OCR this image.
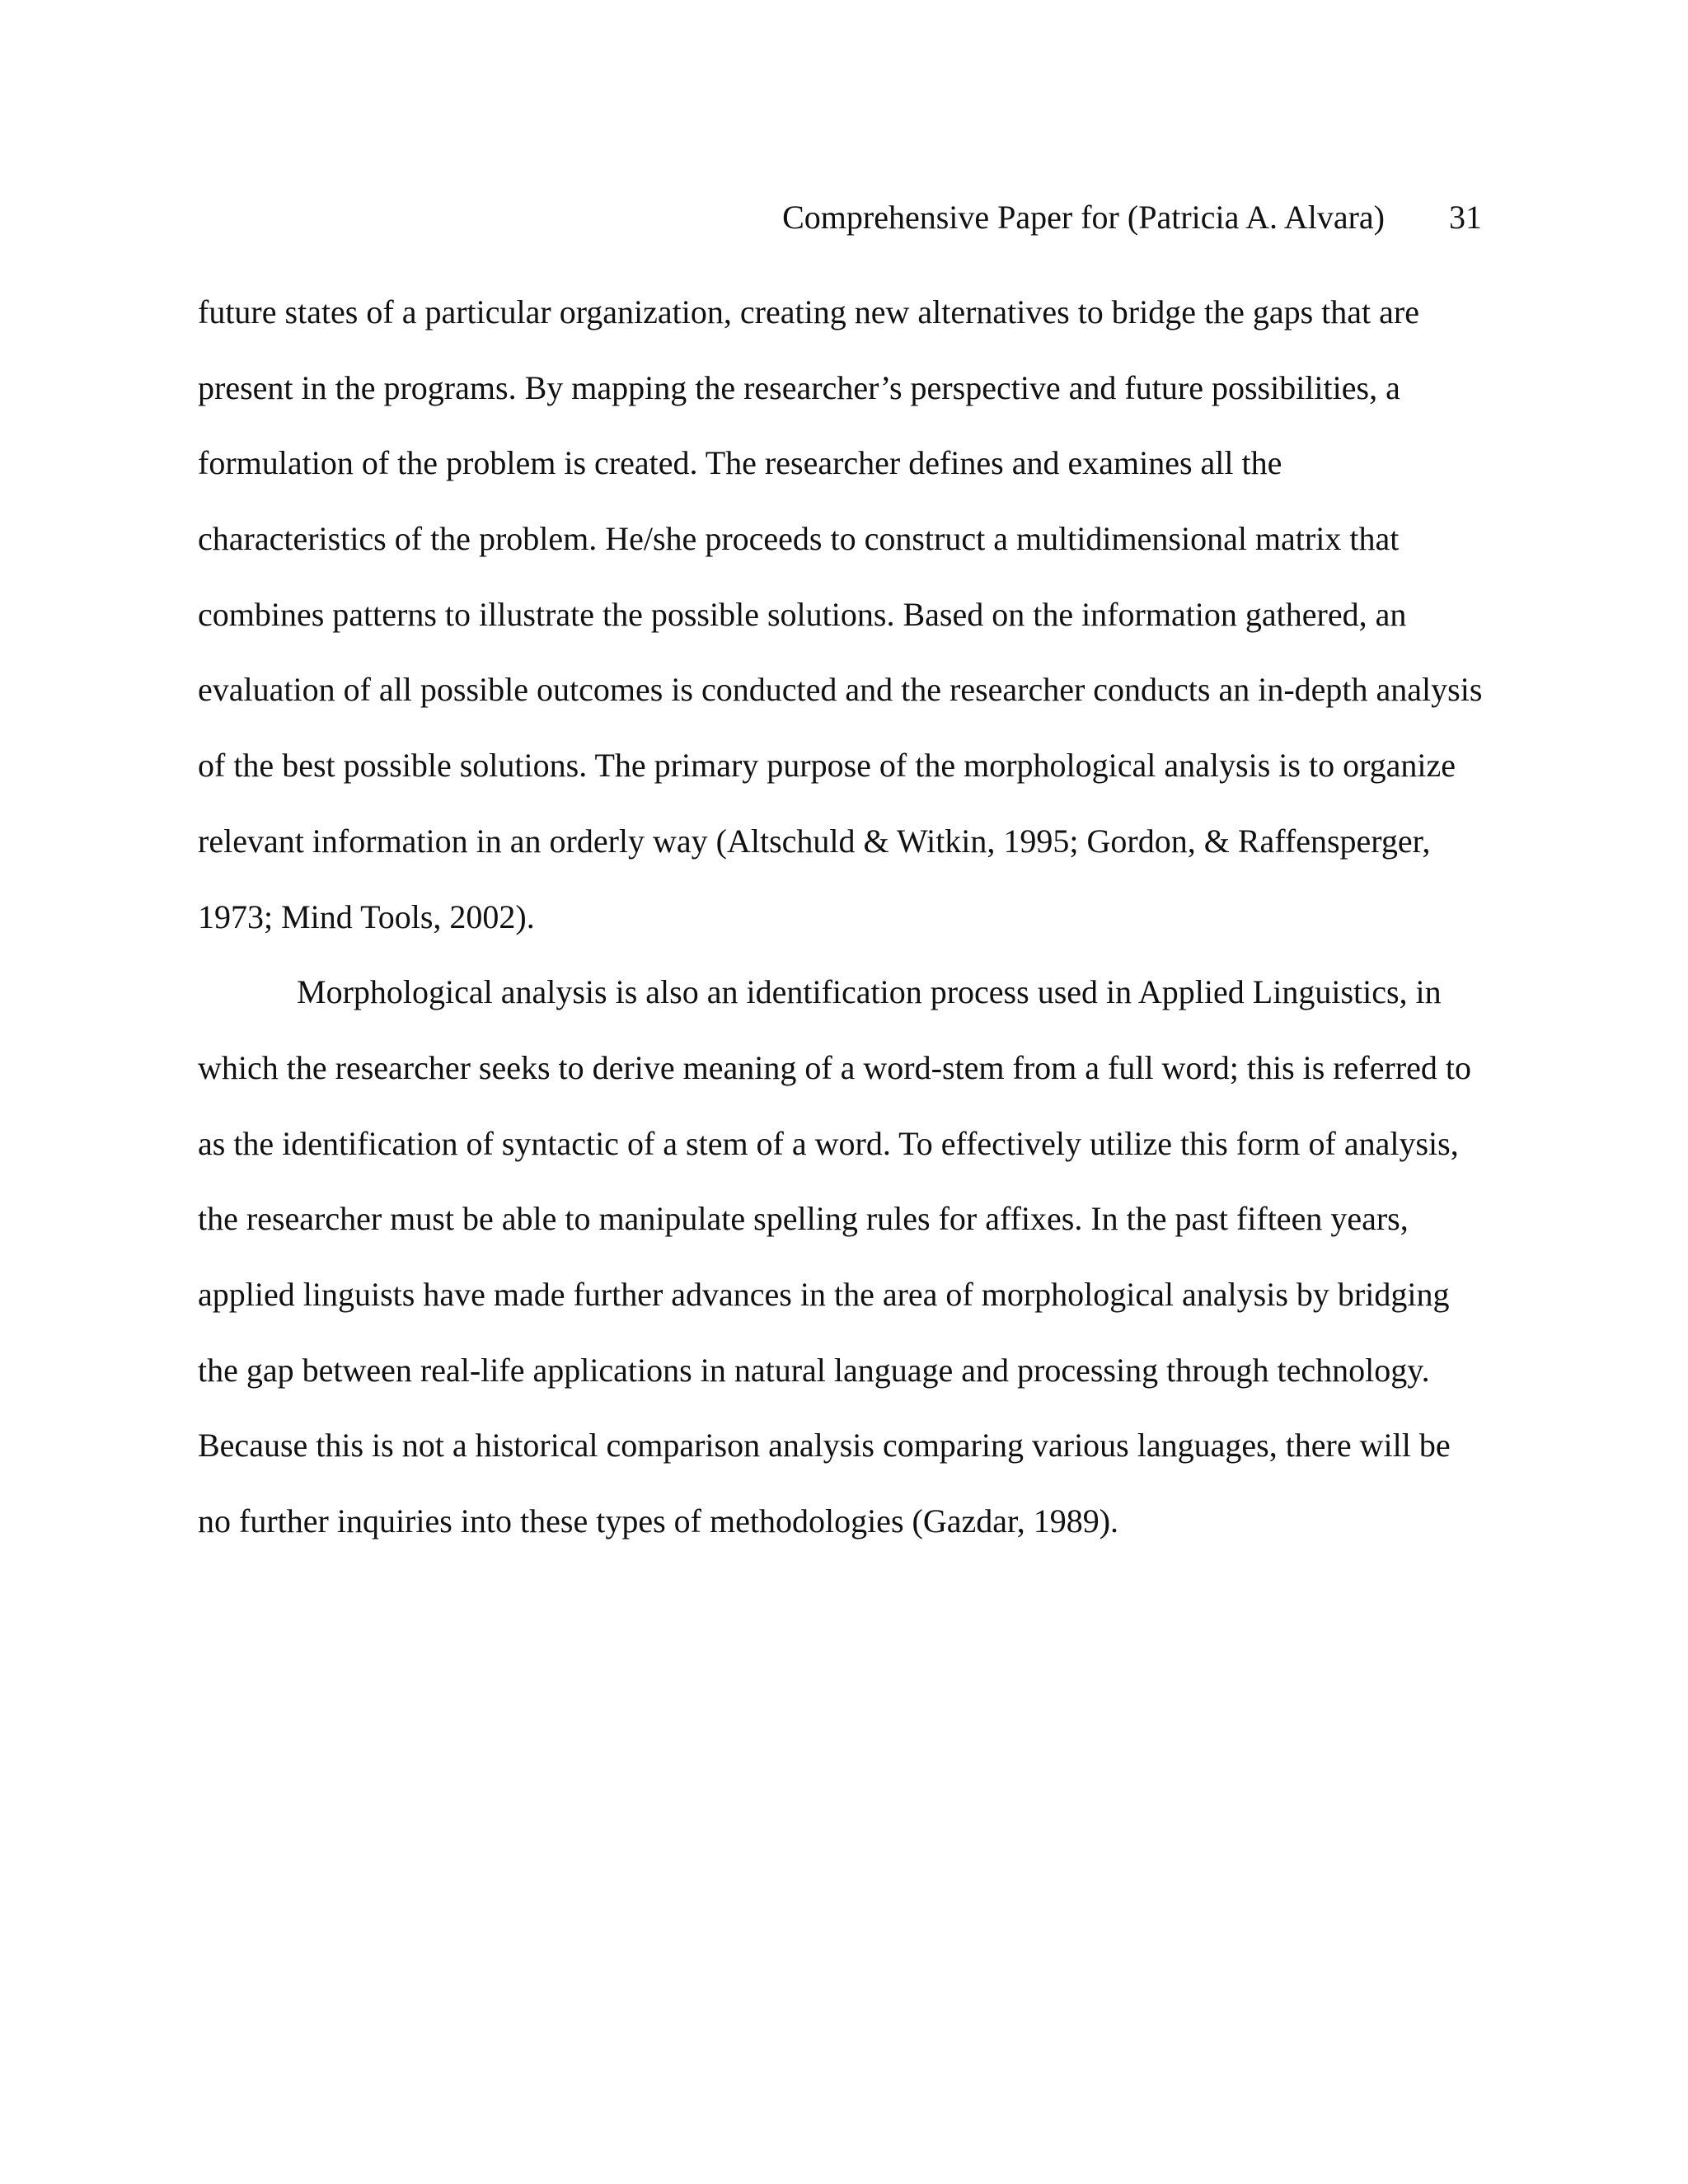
Comprehensive Paper for (Patricia A. Alvara) 31
future states of a particular organization, creating new alternatives to bridge the gaps that are
present in the programs. By mapping the researcher’s perspective and future possibilities, a
formulation of the problem is created. The researcher defines and examines all the
characteristics of the problem. He/she proceeds to construct a multidimensional matrix that
combines patterns to illustrate the possible solutions. Based on the information gathered, an
evaluation of all possible outcomes is conducted and the researcher conducts an in-depth analysis
of the best possible solutions. The primary purpose of the morphological analysis is to organize
relevant information in an orderly way (Altschuld & Witkin, 1995; Gordon, & Raffensperger,
1973; Mind Tools, 2002).
Morphological analysis is also an identification process used in Applied Linguistics, in
which the researcher seeks to derive meaning of a word-stem from a full word; this is referred to
as the identification of syntactic of a stem of a word. To effectively utilize this form of analysis,
the researcher must be able to manipulate spelling rules for affixes. In the past fifteen years,
applied linguists have made further advances in the area of morphological analysis by bridging
the gap between real-life applications in natural language and processing through technology.
Because this is not a historical comparison analysis comparing various languages, there will be
no further inquiries into these types of methodologies (Gazdar, 1989).
